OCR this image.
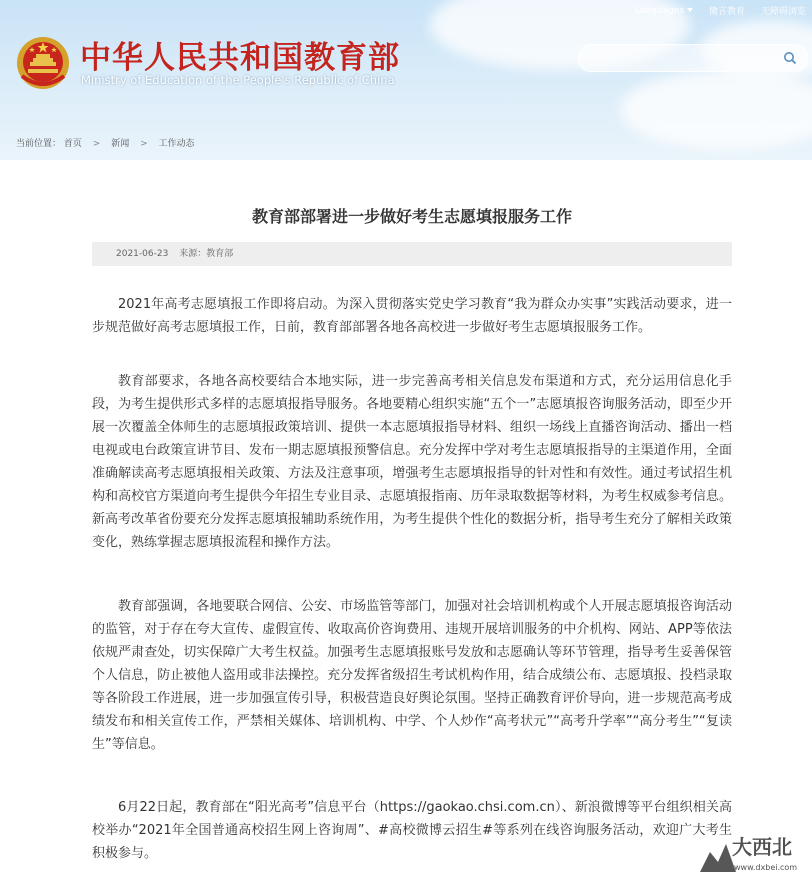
Languages	微言教育 无障碍浏览
中华人民共和国教育部
Ministry of Education of the People's Republic of China
当前位置： 首页 > 新闻 > 工作动态
教育部部署进一步做好考生志愿填报服务工作
2021-06-23 来源：教育部

2021年高考志愿填报工作即将启动。为深入贯彻落实党史学习教育“我为群众办实事”实践活动要求，进一步规范做好高考志愿填报工作，日前，教育部部署各地各高校进一步做好考生志愿填报服务工作。

教育部要求，各地各高校要结合本地实际，进一步完善高考相关信息发布渠道和方式，充分运用信息化手段，为考生提供形式多样的志愿填报指导服务。各地要精心组织实施“五个一”志愿填报咨询服务活动，即至少开展一次覆盖全体师生的志愿填报政策培训、提供一本志愿填报指导材料、组织一场线上直播咨询活动、播出一档电视或电台政策宣讲节目、发布一期志愿填报预警信息。充分发挥中学对考生志愿填报指导的主渠道作用，全面准确解读高考志愿填报相关政策、方法及注意事项，增强考生志愿填报指导的针对性和有效性。通过考试招生机构和高校官方渠道向考生提供今年招生专业目录、志愿填报指南、历年录取数据等材料，为考生权威参考信息。新高考改革省份要充分发挥志愿填报辅助系统作用，为考生提供个性化的数据分析，指导考生充分了解相关政策变化，熟练掌握志愿填报流程和操作方法。

教育部强调，各地要联合网信、公安、市场监管等部门，加强对社会培训机构或个人开展志愿填报咨询活动的监管，对于存在夸大宣传、虚假宣传、收取高价咨询费用、违规开展培训服务的中介机构、网站、APP等依法依规严肃查处，切实保障广大考生权益。加强考生志愿填报账号发放和志愿确认等环节管理，指导考生妥善保管个人信息，防止被他人盗用或非法操控。充分发挥省级招生考试机构作用，结合成绩公布、志愿填报、投档录取等各阶段工作进展，进一步加强宣传引导，积极营造良好舆论氛围。坚持正确教育评价导向，进一步规范高考成绩发布和相关宣传工作，严禁相关媒体、培训机构、中学、个人炒作“高考状元”“高考升学率”“高分考生”“复读生”等信息。

6月22日起，教育部在“阳光高考”信息平台（https://gaokao.chsi.com.cn）、新浪微博等平台组织相关高校举办“2021年全国普通高校招生网上咨询周”、#高校微博云招生#等系列在线咨询服务活动，欢迎广大考生积极参与。	大西北
www.dxbei.com
